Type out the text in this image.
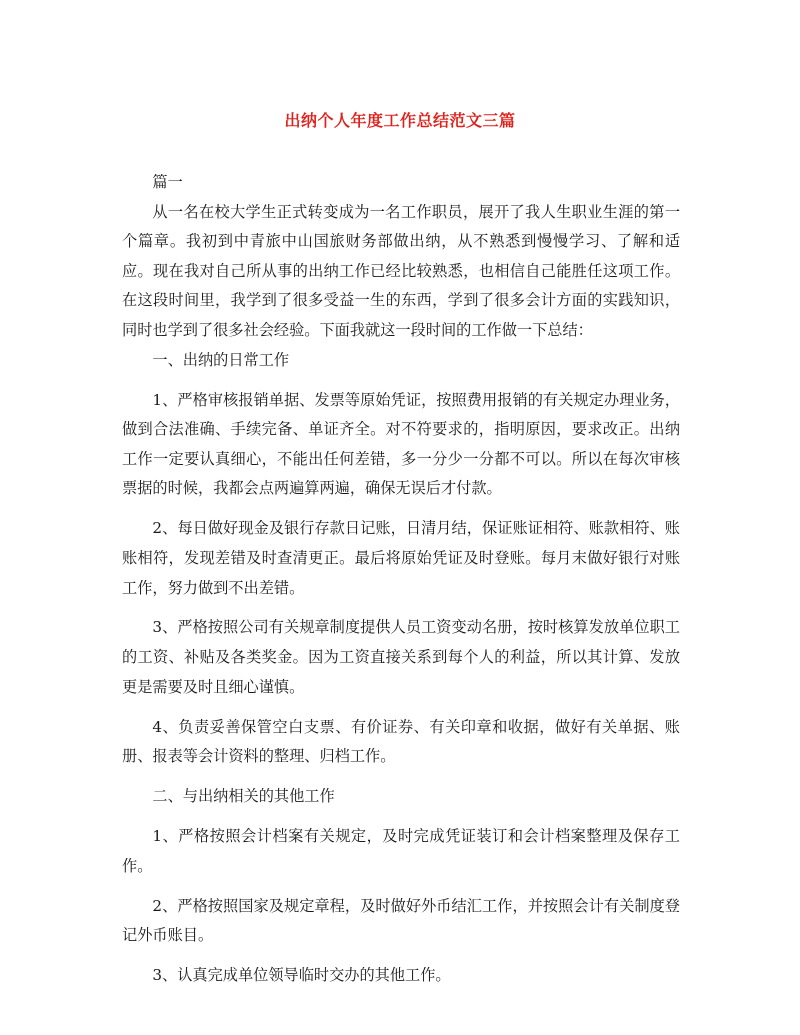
出纳个人年度工作总结范文三篇

篇一

从一名在校大学生正式转变成为一名工作职员，展开了我人生职业生涯的第一个篇章。我初到中青旅中山国旅财务部做出纳，从不熟悉到慢慢学习、了解和适应。现在我对自己所从事的出纳工作已经比较熟悉，也相信自己能胜任这项工作。在这段时间里，我学到了很多受益一生的东西，学到了很多会计方面的实践知识，同时也学到了很多社会经验。下面我就这一段时间的工作做一下总结：

一、出纳的日常工作

1、严格审核报销单据、发票等原始凭证，按照费用报销的有关规定办理业务，做到合法准确、手续完备、单证齐全。对不符要求的，指明原因，要求改正。出纳工作一定要认真细心，不能出任何差错，多一分少一分都不可以。所以在每次审核票据的时候，我都会点两遍算两遍，确保无误后才付款。

2、每日做好现金及银行存款日记账，日清月结，保证账证相符、账款相符、账账相符，发现差错及时查清更正。最后将原始凭证及时登账。每月末做好银行对账工作，努力做到不出差错。

3、严格按照公司有关规章制度提供人员工资变动名册，按时核算发放单位职工的工资、补贴及各类奖金。因为工资直接关系到每个人的利益，所以其计算、发放更是需要及时且细心谨慎。

4、负责妥善保管空白支票、有价证券、有关印章和收据，做好有关单据、账册、报表等会计资料的整理、归档工作。

二、与出纳相关的其他工作

1、严格按照会计档案有关规定，及时完成凭证装订和会计档案整理及保存工作。

2、严格按照国家及规定章程，及时做好外币结汇工作，并按照会计有关制度登记外币账目。

3、认真完成单位领导临时交办的其他工作。
